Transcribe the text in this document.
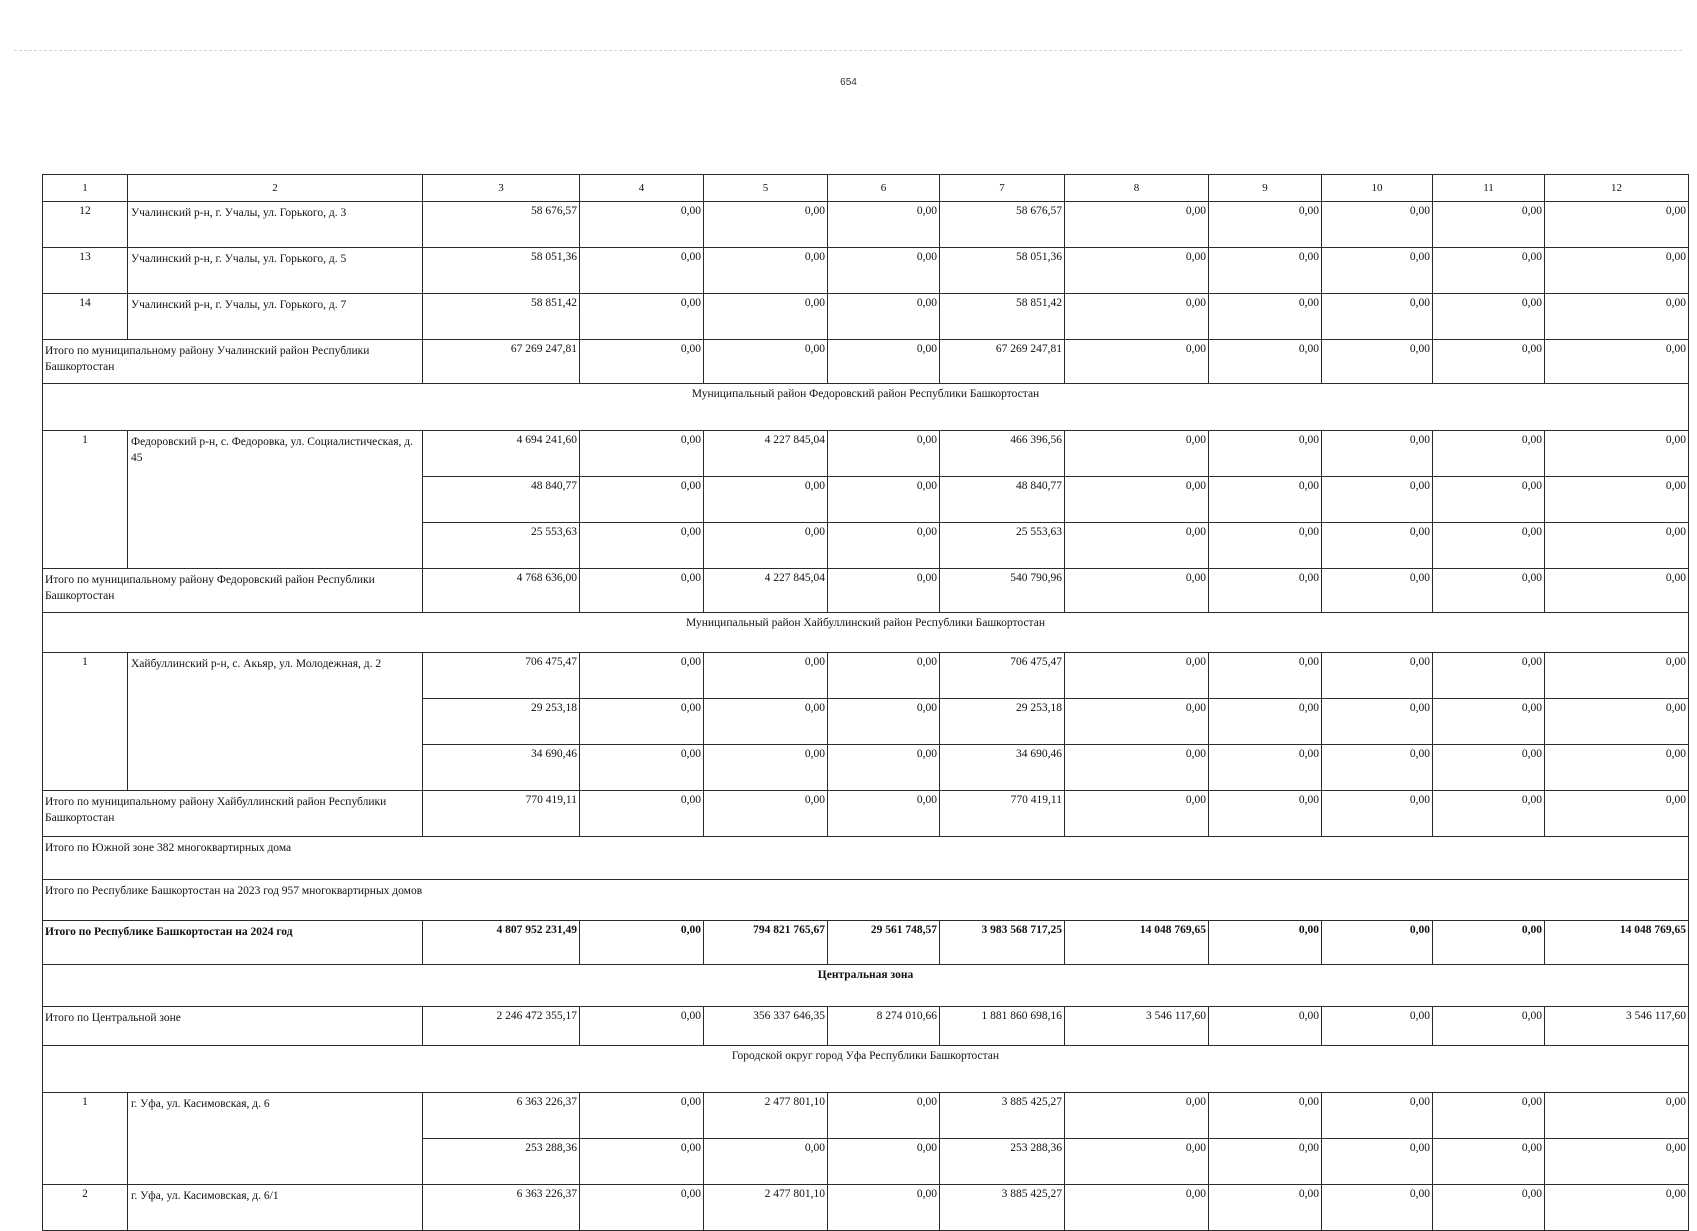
654
1	2	3	4	5	6	7	8	9	10	11	12
12	Учалинский р-н, г. Учалы, ул. Горького, д. 3	58 676,57	0,00	0,00	0,00	58 676,57	0,00	0,00	0,00	0,00	0,00
13	Учалинский р-н, г. Учалы, ул. Горького, д. 5	58 051,36	0,00	0,00	0,00	58 051,36	0,00	0,00	0,00	0,00	0,00
14	Учалинский р-н, г. Учалы, ул. Горького, д. 7	58 851,42	0,00	0,00	0,00	58 851,42	0,00	0,00	0,00	0,00	0,00
Итого по муниципальному району Учалинский район Республики Башкортостан		67 269 247,81	0,00	0,00	0,00	67 269 247,81	0,00	0,00	0,00	0,00	0,00
Муниципальный район Федоровский район Республики Башкортостан											
1	Федоровский р-н, с. Федоровка, ул. Социалистическая, д. 45	4 694 241,60	0,00	4 227 845,04	0,00	466 396,56	0,00	0,00	0,00	0,00	0,00
		48 840,77	0,00	0,00	0,00	48 840,77	0,00	0,00	0,00	0,00	0,00
		25 553,63	0,00	0,00	0,00	25 553,63	0,00	0,00	0,00	0,00	0,00
Итого по муниципальному району Федоровский район Республики Башкортостан		4 768 636,00	0,00	4 227 845,04	0,00	540 790,96	0,00	0,00	0,00	0,00	0,00
Муниципальный район Хайбуллинский район Республики Башкортостан											
1	Хайбуллинский р-н, с. Акьяр, ул. Молодежная, д. 2	706 475,47	0,00	0,00	0,00	706 475,47	0,00	0,00	0,00	0,00	0,00
		29 253,18	0,00	0,00	0,00	29 253,18	0,00	0,00	0,00	0,00	0,00
		34 690,46	0,00	0,00	0,00	34 690,46	0,00	0,00	0,00	0,00	0,00
Итого по муниципальному району Хайбуллинский район Республики Башкортостан		770 419,11	0,00	0,00	0,00	770 419,11	0,00	0,00	0,00	0,00	0,00
Итого по Южной зоне 382 многоквартирных дома											
Итого по Республике Башкортостан на 2023 год 957 многоквартирных домов											
Итого по Республике Башкортостан на 2024 год		4 807 952 231,49	0,00	794 821 765,67	29 561 748,57	3 983 568 717,25	14 048 769,65	0,00	0,00	0,00	14 048 769,65
Центральная зона											
Итого по Центральной зоне		2 246 472 355,17	0,00	356 337 646,35	8 274 010,66	1 881 860 698,16	3 546 117,60	0,00	0,00	0,00	3 546 117,60
Городской округ город Уфа Республики Башкортостан											
1	г. Уфа, ул. Касимовская, д. 6	6 363 226,37	0,00	2 477 801,10	0,00	3 885 425,27	0,00	0,00	0,00	0,00	0,00
		253 288,36	0,00	0,00	0,00	253 288,36	0,00	0,00	0,00	0,00	0,00
2	г. Уфа, ул. Касимовская, д. 6/1	6 363 226,37	0,00	2 477 801,10	0,00	3 885 425,27	0,00	0,00	0,00	0,00	0,00
